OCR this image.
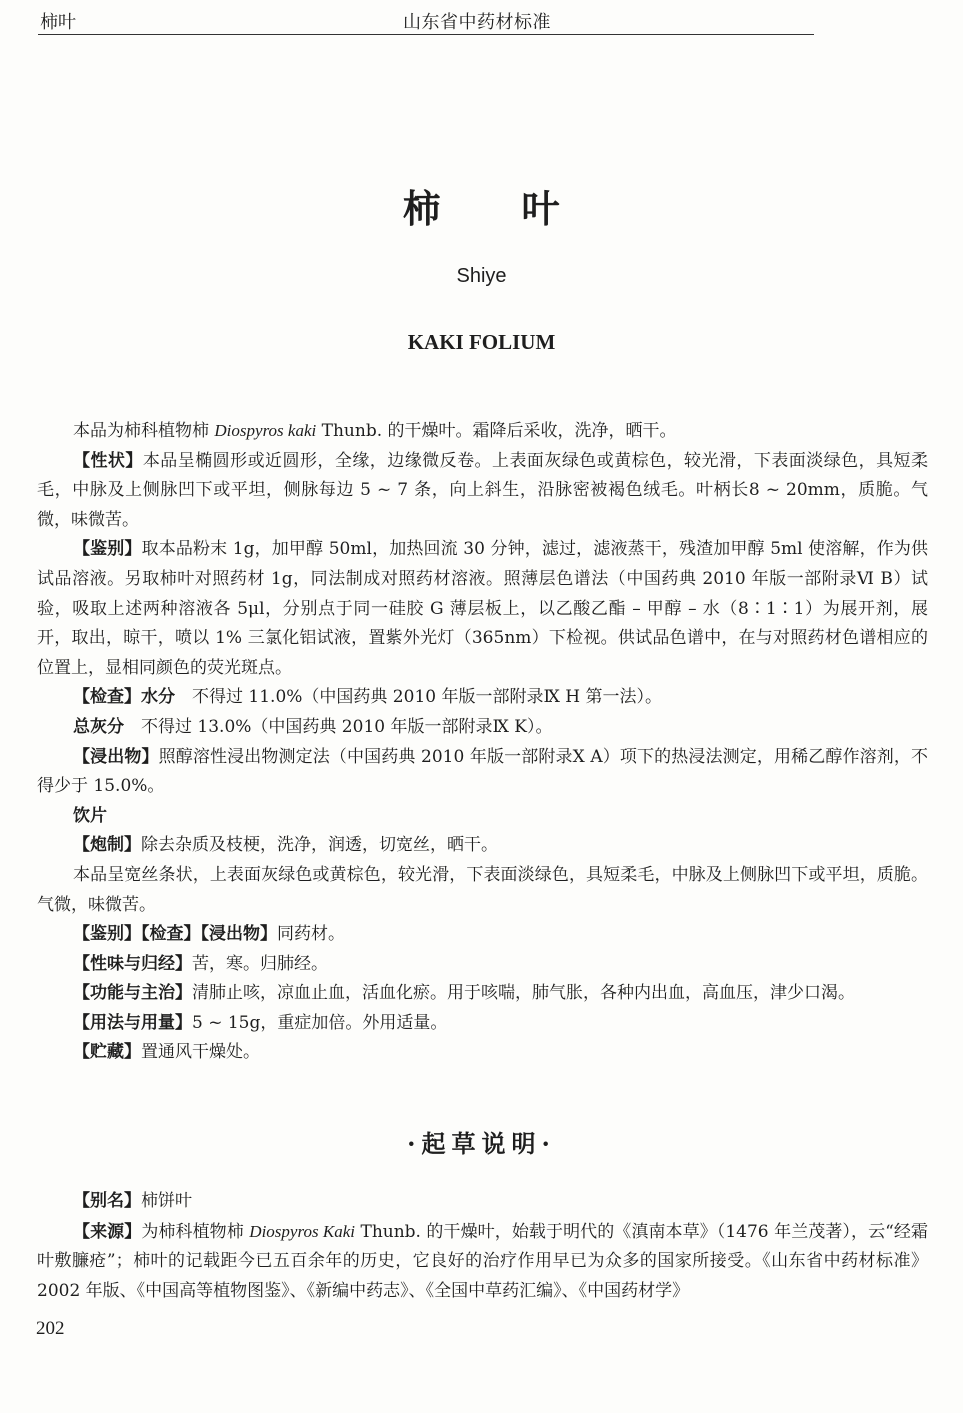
柿叶	山东省中药材标准
柿 叶
Shiye
KAKI FOLIUM

本品为柿科植物柿 Diospyros kaki Thunb. 的干燥叶。霜降后采收，洗净，晒干。

【性状】本品呈椭圆形或近圆形，全缘，边缘微反卷。上表面灰绿色或黄棕色，较光滑，下表面淡绿色，具短柔毛，中脉及上侧脉凹下或平坦，侧脉每边 5 ~ 7 条，向上斜生，沿脉密被褐色绒毛。叶柄长8 ~ 20mm，质脆。气微，味微苦。

【鉴别】取本品粉末 1g，加甲醇 50ml，加热回流 30 分钟，滤过，滤液蒸干，残渣加甲醇 5ml 使溶解，作为供试品溶液。另取柿叶对照药材 1g，同法制成对照药材溶液。照薄层色谱法（中国药典 2010 年版一部附录Ⅵ B）试验，吸取上述两种溶液各 5μl，分别点于同一硅胶 G 薄层板上，以乙酸乙酯 – 甲醇 – 水（8∶1∶1）为展开剂，展开，取出，晾干，喷以 1% 三氯化铝试液，置紫外光灯（365nm）下检视。供试品色谱中，在与对照药材色谱相应的位置上，显相同颜色的荧光斑点。

【检查】水分　不得过 11.0%（中国药典 2010 年版一部附录Ⅸ H 第一法）。

总灰分　不得过 13.0%（中国药典 2010 年版一部附录Ⅸ K）。

【浸出物】照醇溶性浸出物测定法（中国药典 2010 年版一部附录Ⅹ A）项下的热浸法测定，用稀乙醇作溶剂，不得少于 15.0%。

饮片

【炮制】除去杂质及枝梗，洗净，润透，切宽丝，晒干。

本品呈宽丝条状，上表面灰绿色或黄棕色，较光滑，下表面淡绿色，具短柔毛，中脉及上侧脉凹下或平坦，质脆。气微，味微苦。

【鉴别】【检查】【浸出物】同药材。

【性味与归经】苦，寒。归肺经。

【功能与主治】清肺止咳，凉血止血，活血化瘀。用于咳喘，肺气胀，各种内出血，高血压，津少口渴。

【用法与用量】5 ~ 15g，重症加倍。外用适量。

【贮藏】置通风干燥处。

·起草说明·

【别名】柿饼叶

【来源】为柿科植物柿 Diospyros Kaki Thunb. 的干燥叶，始载于明代的《滇南本草》（1476 年兰茂著），云“经霜叶敷臁疮”；柿叶的记载距今已五百余年的历史，它良好的治疗作用早已为众多的国家所接受。《山东省中药材标准》2002 年版、《中国高等植物图鉴》、《新编中药志》、《全国中草药汇编》、《中国药材学》

202
